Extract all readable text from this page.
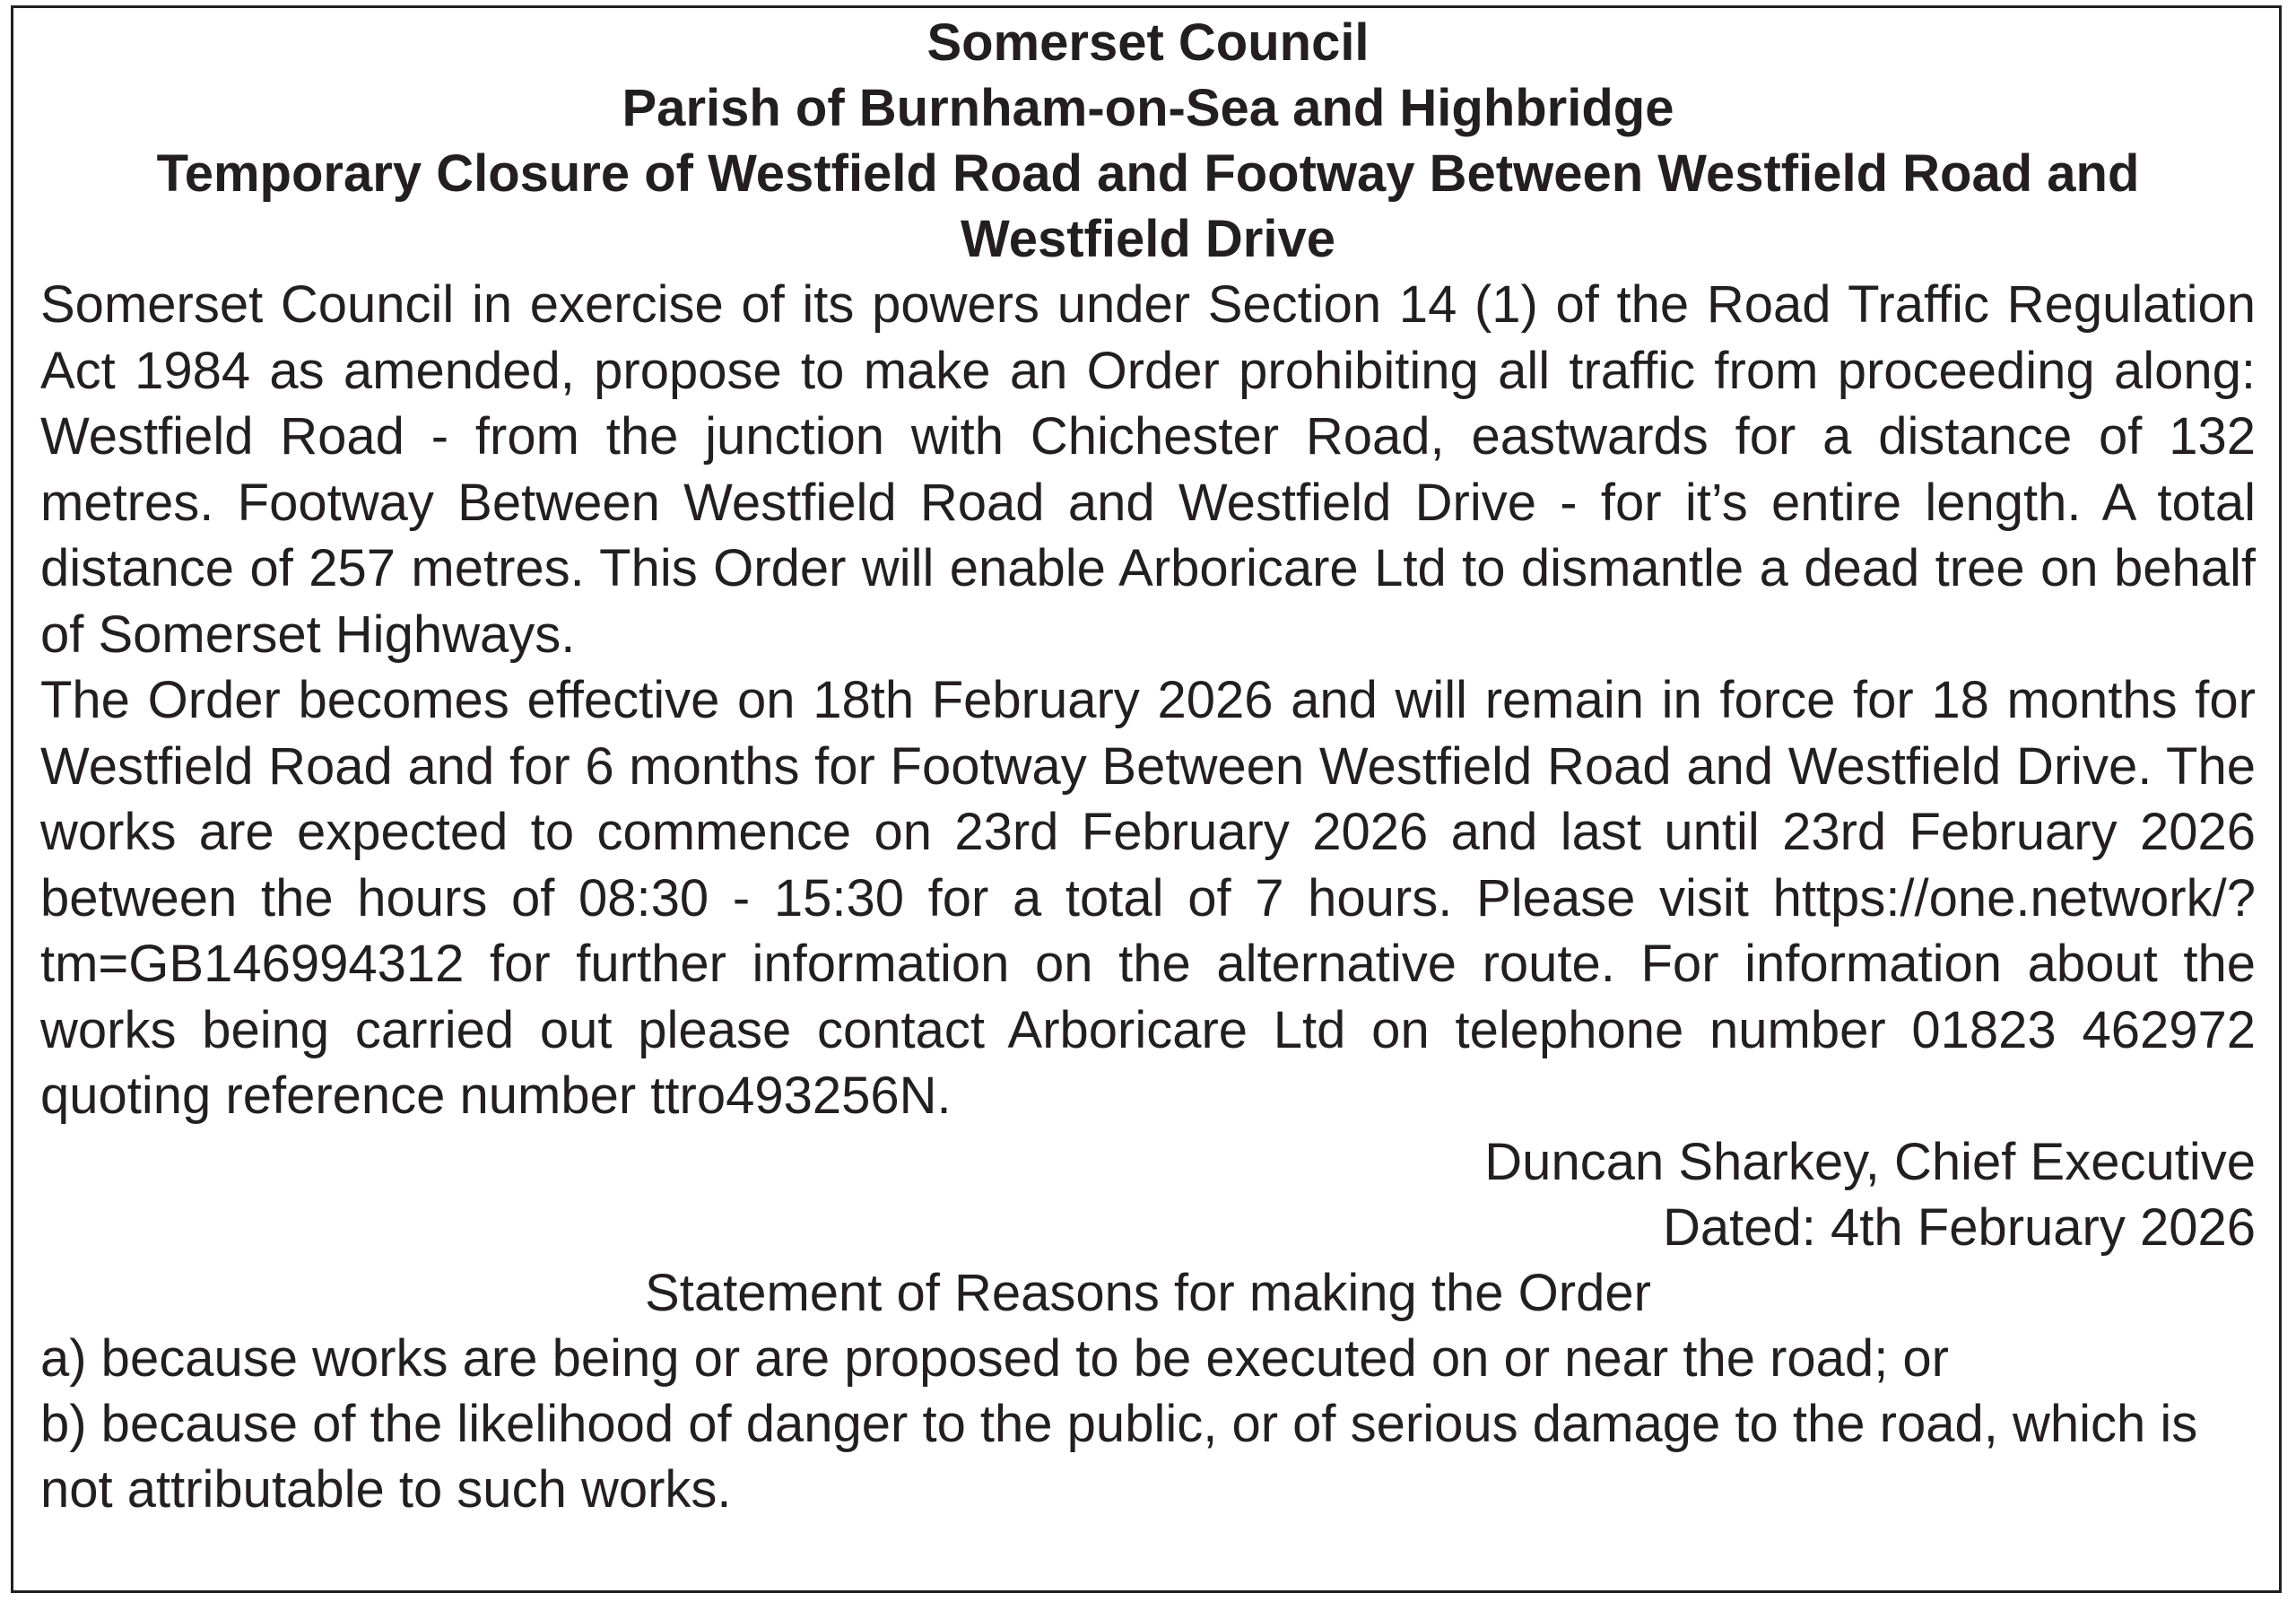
Somerset Council

Parish of Burnham-on-Sea and Highbridge

Temporary Closure of Westfield Road and Footway Between Westfield Road and Westfield Drive

Somerset Council in exercise of its powers under Section 14 (1) of the Road Traffic Regulation Act 1984 as amended, propose to make an Order prohibiting all traffic from proceeding along: Westfield Road - from the junction with Chichester Road, eastwards for a distance of 132 metres. Footway Between Westfield Road and Westfield Drive - for it’s entire length. A total distance of 257 metres. This Order will enable Arboricare Ltd to dismantle a dead tree on behalf of Somerset Highways.

The Order becomes effective on 18th February 2026 and will remain in force for 18 months for Westfield Road and for 6 months for Footway Between Westfield Road and Westfield Drive. The works are expected to commence on 23rd February 2026 and last until 23rd February 2026 between the hours of 08:30 - 15:30 for a total of 7 hours. Please visit https://one.network/?tm=GB146994312 for further information on the alternative route. For information about the works being carried out please contact Arboricare Ltd on telephone number 01823 462972 quoting reference number ttro493256N.

Duncan Sharkey, Chief Executive

Dated: 4th February 2026

Statement of Reasons for making the Order

a) because works are being or are proposed to be executed on or near the road; or

b) because of the likelihood of danger to the public, or of serious damage to the road, which is not attributable to such works.
